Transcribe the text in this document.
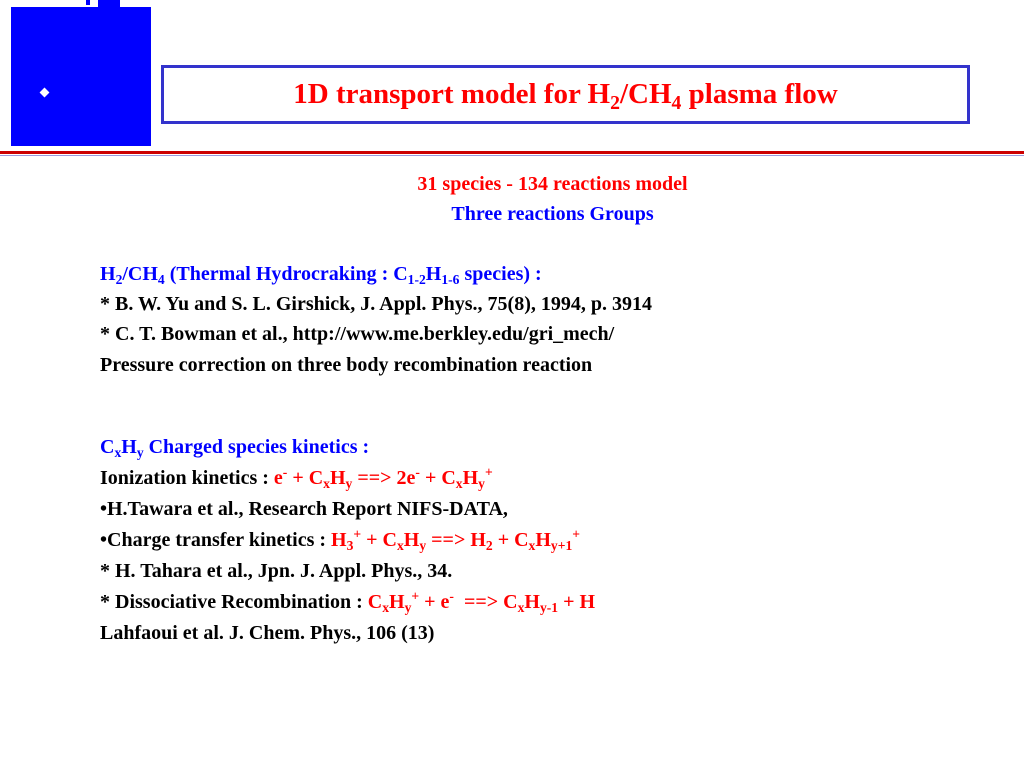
1D transport model for $H_2/CH_4$ plasma flow
31 species - 134 reactions model
Three reactions Groups
$H_2/CH_4$ (Thermal Hydrocraking : $C_{1-2}H_{1-6}$ species) :
* B. W. Yu and S. L. Girshick, J. Appl. Phys., 75(8), 1994, p. 3914
* C. T. Bowman et al., http://www.me.berkley.edu/gri_mech/
Pressure correction on three body recombination reaction
$C_xH_y$ Charged species kinetics :
Ionization kinetics : $e^- + C_xH_y$ ==> $2e^- + C_xH_y^+$
•H.Tawara et al., Research Report NIFS-DATA,
•Charge transfer kinetics : $H_3^+ + C_xH_y$ ==> $H_2 + C_xH_{y+1}^+$
* H. Tahara et al., Jpn. J. Appl. Phys., 34.
* Dissociative Recombination : $C_xH_y^+ + e^-$  ==> $C_xH_{y-1} + H$
Lahfaoui et al. J. Chem. Phys., 106 (13)
